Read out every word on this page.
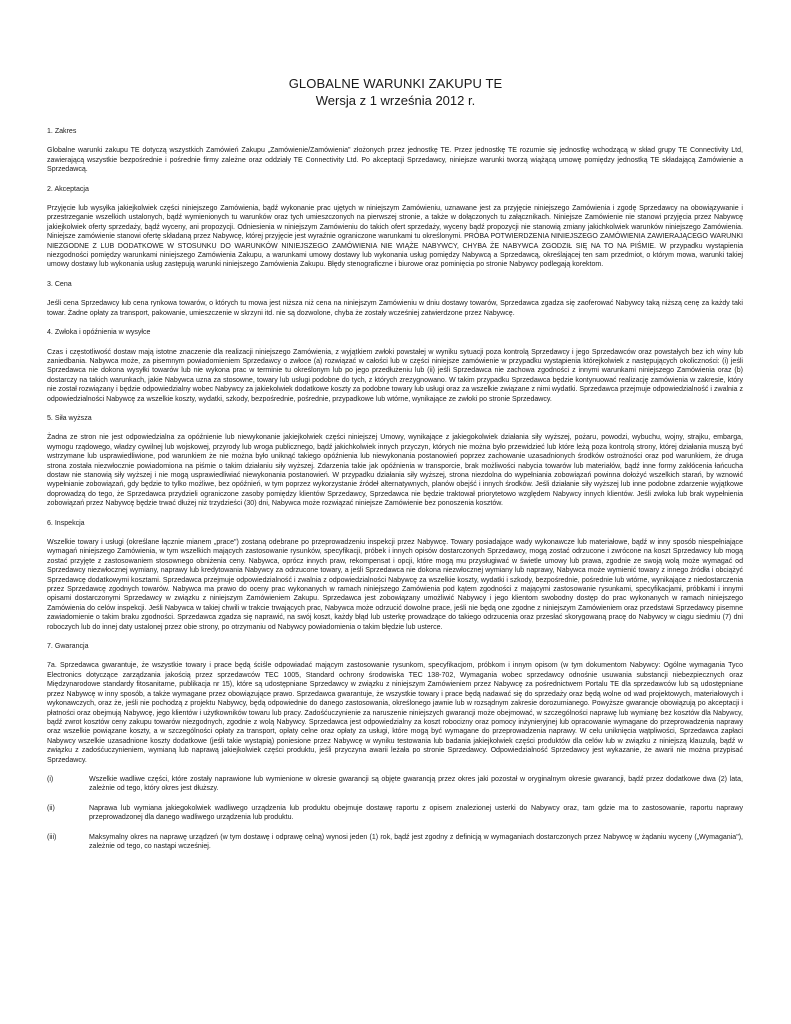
GLOBALNE WARUNKI ZAKUPU TE
Wersja z 1 września 2012 r.
1. Zakres
Globalne warunki zakupu TE dotyczą wszystkich Zamówień Zakupu „Zamówienie/Zamówienia" złożonych przez jednostkę TE. Przez jednostkę TE rozumie się jednostkę wchodzącą w skład grupy TE Connectivity Ltd, zawierającą wszystkie bezpośrednie i pośrednie firmy zależne oraz oddziały TE Connectivity Ltd. Po akceptacji Sprzedawcy, niniejsze warunki tworzą wiążącą umowę pomiędzy jednostką TE składającą Zamówienie a Sprzedawcą.
2. Akceptacja
Przyjęcie lub wysyłka jakiejkolwiek części niniejszego Zamówienia, bądź wykonanie prac ujętych w niniejszym Zamówieniu, uznawane jest za przyjęcie niniejszego Zamówienia i zgodę Sprzedawcy na obowiązywanie i przestrzeganie wszelkich ustalonych, bądź wymienionych tu warunków oraz tych umieszczonych na pierwszej stronie, a także w dołączonych tu załącznikach. Niniejsze Zamówienie nie stanowi przyjęcia przez Nabywcę jakiejkolwiek oferty sprzedaży, bądź wyceny, ani propozycji. Odniesienia w niniejszym Zamówieniu do takich ofert sprzedaży, wyceny bądź propozycji nie stanowią zmiany jakichkolwiek warunków niniejszego Zamówienia. Niniejsze zamówienie stanowi ofertę składaną przez Nabywcę, której przyjęcie jest wyraźnie ograniczone warunkami tu określonymi. PRÓBA POTWIERDZENIA NINIEJSZEGO ZAMÓWIENIA ZAWIERAJĄCEGO WARUNKI NIEZGODNE Z LUB DODATKOWE W STOSUNKU DO WARUNKÓW NINIEJSZEGO ZAMÓWIENIA NIE WIĄŻE NABYWCY, CHYBA ŻE NABYWCA ZGODZIŁ SIĘ NA TO NA PIŚMIE. W przypadku wystąpienia niezgodności pomiędzy warunkami niniejszego Zamówienia Zakupu, a warunkami umowy dostawy lub wykonania usług pomiędzy Nabywcą a Sprzedawcą, określającej ten sam przedmiot, o którym mowa, warunki takiej umowy dostawy lub wykonania usług zastępują warunki niniejszego Zamówienia Zakupu. Błędy stenograficzne i biurowe oraz pominięcia po stronie Nabywcy podlegają korektom.
3. Cena
Jeśli cena Sprzedawcy lub cena rynkowa towarów, o których tu mowa jest niższa niż cena na niniejszym Zamówieniu w dniu dostawy towarów, Sprzedawca zgadza się zaoferować Nabywcy taką niższą cenę za każdy taki towar. Żadne opłaty za transport, pakowanie, umieszczenie w skrzyni itd. nie są dozwolone, chyba że zostały wcześniej zatwierdzone przez Nabywcę.
4. Zwłoka i opóźnienia w wysyłce
Czas i częstotliwość dostaw mają istotne znaczenie dla realizacji niniejszego Zamówienia, z wyjątkiem zwłoki powstałej w wyniku sytuacji poza kontrolą Sprzedawcy i jego Sprzedawców oraz powstałych bez ich winy lub zaniedbania. Nabywca może, za pisemnym powiadomieniem Sprzedawcy o zwłoce (a) rozwiązać w całości lub w części niniejsze zamówienie w przypadku wystąpienia którejkolwiek z następujących okoliczności: (i) jeśli Sprzedawca nie dokona wysyłki towarów lub nie wykona prac w terminie tu określonym lub po jego przedłużeniu lub (ii) jeśli Sprzedawca nie zachowa zgodności z innymi warunkami niniejszego Zamówienia oraz (b) dostarczy na takich warunkach, jakie Nabywca uzna za stosowne, towary lub usługi podobne do tych, z których zrezygnowano. W takim przypadku Sprzedawca będzie kontynuować realizację zamówienia w zakresie, który nie został rozwiązany i będzie odpowiedzialny wobec Nabywcy za jakiekolwiek dodatkowe koszty za podobne towary lub usługi oraz za wszelkie związane z nimi wydatki. Sprzedawca przejmuje odpowiedzialność i zwalnia z odpowiedzialności Nabywcę za wszelkie koszty, wydatki, szkody, bezpośrednie, pośrednie, przypadkowe lub wtórne, wynikające ze zwłoki po stronie Sprzedawcy.
5. Siła wyższa
Żadna ze stron nie jest odpowiedzialna za opóźnienie lub niewykonanie jakiejkolwiek części niniejszej Umowy, wynikające z jakiegokolwiek działania siły wyższej, pożaru, powodzi, wybuchu, wojny, strajku, embarga, wymogu rządowego, władzy cywilnej lub wojskowej, przyrody lub wroga publicznego, bądź jakichkolwiek innych przyczyn, których nie można było przewidzieć lub które leżą poza kontrolą strony, której działania muszą być wstrzymane lub usprawiedliwione, pod warunkiem że nie można było uniknąć takiego opóźnienia lub niewykonania postanowień poprzez zachowanie uzasadnionych środków ostrożności oraz pod warunkiem, że druga strona została niezwłocznie powiadomiona na piśmie o takim działaniu siły wyższej. Zdarzenia takie jak opóźnienia w transporcie, brak możliwości nabycia towarów lub materiałów, bądź inne formy zakłócenia łańcucha dostaw nie stanowią siły wyższej i nie mogą usprawiedliwiać niewykonania postanowień. W przypadku działania siły wyższej, strona niezdolna do wypełniania zobowiązań powinna dołożyć wszelkich starań, by wznowić wypełnianie zobowiązań, gdy będzie to tylko możliwe, bez opóźnień, w tym poprzez wykorzystanie źródeł alternatywnych, planów obejść i innych środków. Jeśli działanie siły wyższej lub inne podobne zdarzenie wyjątkowe doprowadzą do tego, że Sprzedawca przydzieli ograniczone zasoby pomiędzy klientów Sprzedawcy, Sprzedawca nie będzie traktował priorytetowo względem Nabywcy innych klientów. Jeśli zwłoka lub brak wypełnienia zobowiązań przez Nabywcę będzie trwać dłużej niż trzydzieści (30) dni, Nabywca może rozwiązać niniejsze Zamówienie bez ponoszenia kosztów.
6. Inspekcja
Wszelkie towary i usługi (określane łącznie mianem „prace") zostaną odebrane po przeprowadzeniu inspekcji przez Nabywcę. Towary posiadające wady wykonawcze lub materiałowe, bądź w inny sposób niespełniające wymagań niniejszego Zamówienia, w tym wszelkich mających zastosowanie rysunków, specyfikacji, próbek i innych opisów dostarczonych Sprzedawcy, mogą zostać odrzucone i zwrócone na koszt Sprzedawcy lub mogą zostać przyjęte z zastosowaniem stosownego obniżenia ceny. Nabywca, oprócz innych praw, rekompensat i opcji, które mogą mu przysługiwać w świetle umowy lub prawa, zgodnie ze swoją wolą może wymagać od Sprzedawcy niezwłocznej wymiany, naprawy lub kredytowania Nabywcy za odrzucone towary, a jeśli Sprzedawca nie dokona niezwłocznej wymiany lub naprawy, Nabywca może wymienić towary z innego źródła i obciążyć Sprzedawcę dodatkowymi kosztami. Sprzedawca przejmuje odpowiedzialność i zwalnia z odpowiedzialności Nabywcę za wszelkie koszty, wydatki i szkody, bezpośrednie, pośrednie lub wtórne, wynikające z niedostarczenia przez Sprzedawcę zgodnych towarów. Nabywca ma prawo do oceny prac wykonanych w ramach niniejszego Zamówienia pod kątem zgodności z mającymi zastosowanie rysunkami, specyfikacjami, próbkami i innymi opisami dostarczonymi Sprzedawcy w związku z niniejszym Zamówieniem Zakupu. Sprzedawca jest zobowiązany umożliwić Nabywcy i jego klientom swobodny dostęp do prac wykonanych w ramach niniejszego Zamówienia do celów inspekcji. Jeśli Nabywca w takiej chwili w trakcie trwających prac, Nabywca może odrzucić dowolne prace, jeśli nie będą one zgodne z niniejszym Zamówieniem oraz przedstawi Sprzedawcy pisemne zawiadomienie o takim braku zgodności. Sprzedawca zgadza się naprawić, na swój koszt, każdy błąd lub usterkę prowadzące do takiego odrzucenia oraz przesłać skorygowaną pracę do Nabywcy w ciągu siedmiu (7) dni roboczych lub do innej daty ustalonej przez obie strony, po otrzymaniu od Nabywcy powiadomienia o takim błędzie lub usterce.
7. Gwarancja
7a. Sprzedawca gwarantuje, że wszystkie towary i prace będą ściśle odpowiadać mającym zastosowanie rysunkom, specyfikacjom, próbkom i innym opisom (w tym dokumentom Nabywcy: Ogólne wymagania Tyco Electronics dotyczące zarządzania jakością przez sprzedawców TEC 1005, Standard ochrony środowiska TEC 138-702, Wymagania wobec sprzedawcy odnośnie usuwania substancji niebezpiecznych oraz Międzynarodowe standardy fitosanitarne, publikacja nr 15), które są udostępniane Sprzedawcy w związku z niniejszym Zamówieniem przez Nabywcę za pośrednictwem Portalu TE dla sprzedawców lub są udostępniane przez Nabywcę w inny sposób, a także wymagane przez obowiązujące prawo. Sprzedawca gwarantuje, że wszystkie towary i prace będą nadawać się do sprzedaży oraz będą wolne od wad projektowych, materiałowych i wykonawczych, oraz że, jeśli nie pochodzą z projektu Nabywcy, będą odpowiednie do danego zastosowania, określonego jawnie lub w rozsądnym zakresie dorozumianego. Powyższe gwarancje obowiązują po akceptacji i płatności oraz obejmują Nabywcę, jego klientów i użytkowników towaru lub pracy. Zadośćuczynienie za naruszenie niniejszych gwarancji może obejmować, w szczególności naprawę lub wymianę bez kosztów dla Nabywcy, bądź zwrot kosztów ceny zakupu towarów niezgodnych, zgodnie z wolą Nabywcy. Sprzedawca jest odpowiedzialny za koszt robocizny oraz pomocy inżynieryjnej lub opracowanie wymagane do przeprowadzenia naprawy oraz wszelkie powiązane koszty, a w szczególności opłaty za transport, opłaty celne oraz opłaty za usługi, które mogą być wymagane do przeprowadzenia naprawy. W celu uniknięcia wątpliwości, Sprzedawca zapłaci Nabywcy wszelkie uzasadnione koszty dodatkowe (jeśli takie wystąpią) poniesione przez Nabywcę w wyniku testowania lub badania jakiejkolwiek części produktów dla celów lub w związku z niniejszą klauzulą, bądź w związku z zadośćuczynieniem, wymianą lub naprawą jakiejkolwiek części produktu, jeśli przyczyna awarii leżała po stronie Sprzedawcy. Odpowiedzialność Sprzedawcy jest wykazanie, że awarii nie można przypisać Sprzedawcy.
(i)	Wszelkie wadliwe części, które zostały naprawione lub wymienione w okresie gwarancji są objęte gwarancją przez okres jaki pozostał w oryginalnym okresie gwarancji, bądź przez dodatkowe dwa (2) lata, zależnie od tego, który okres jest dłuższy.
(ii)	Naprawa lub wymiana jakiegokolwiek wadliwego urządzenia lub produktu obejmuje dostawę raportu z opisem znalezionej usterki do Nabywcy oraz, tam gdzie ma to zastosowanie, raportu naprawy przeprowadzonej dla danego wadliwego urządzenia lub produktu.
(iii)	Maksymalny okres na naprawę urządzeń (w tym dostawę i odprawę celną) wynosi jeden (1) rok, bądź jest zgodny z definicją w wymaganiach dostarczonych przez Nabywcę w żądaniu wyceny („Wymagania"), zależnie od tego, co nastąpi wcześniej.
